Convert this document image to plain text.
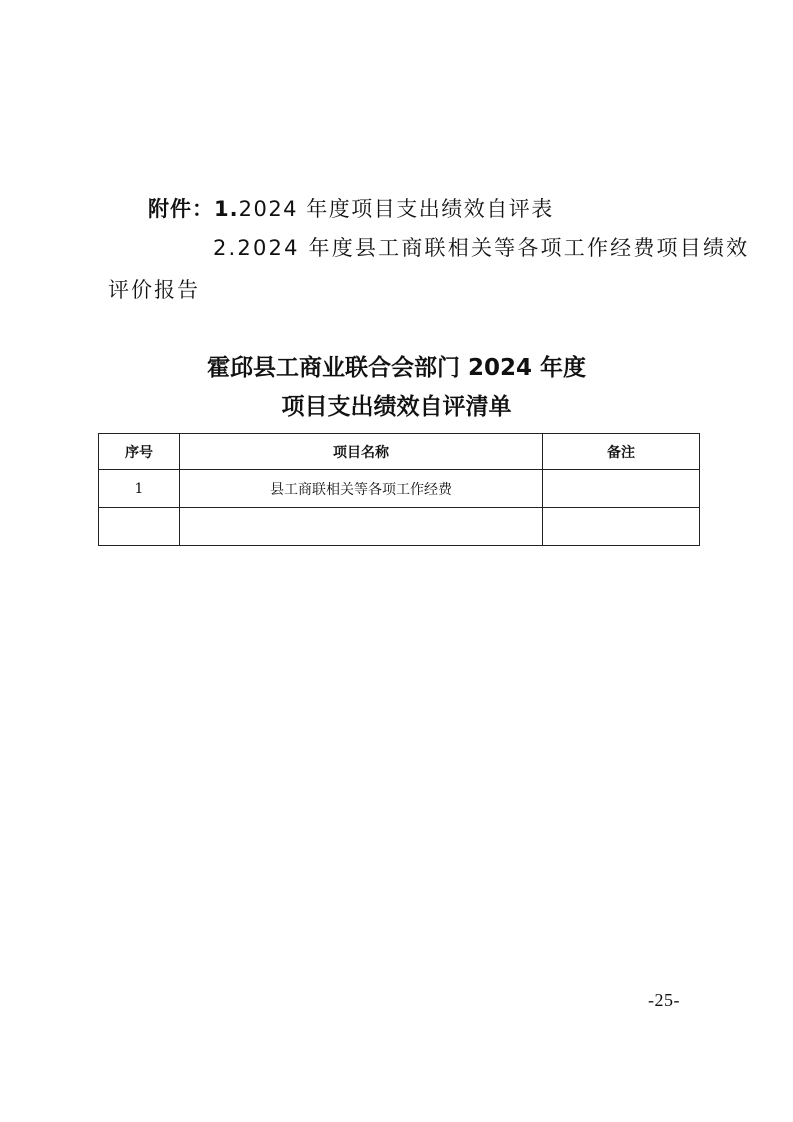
附件：1.2024 年度项目支出绩效自评表
2.2024 年度县工商联相关等各项工作经费项目绩效
评价报告
霍邱县工商业联合会部门 2024 年度
项目支出绩效自评清单
序号	项目名称	备注
1	县工商联相关等各项工作经费	

-25-
